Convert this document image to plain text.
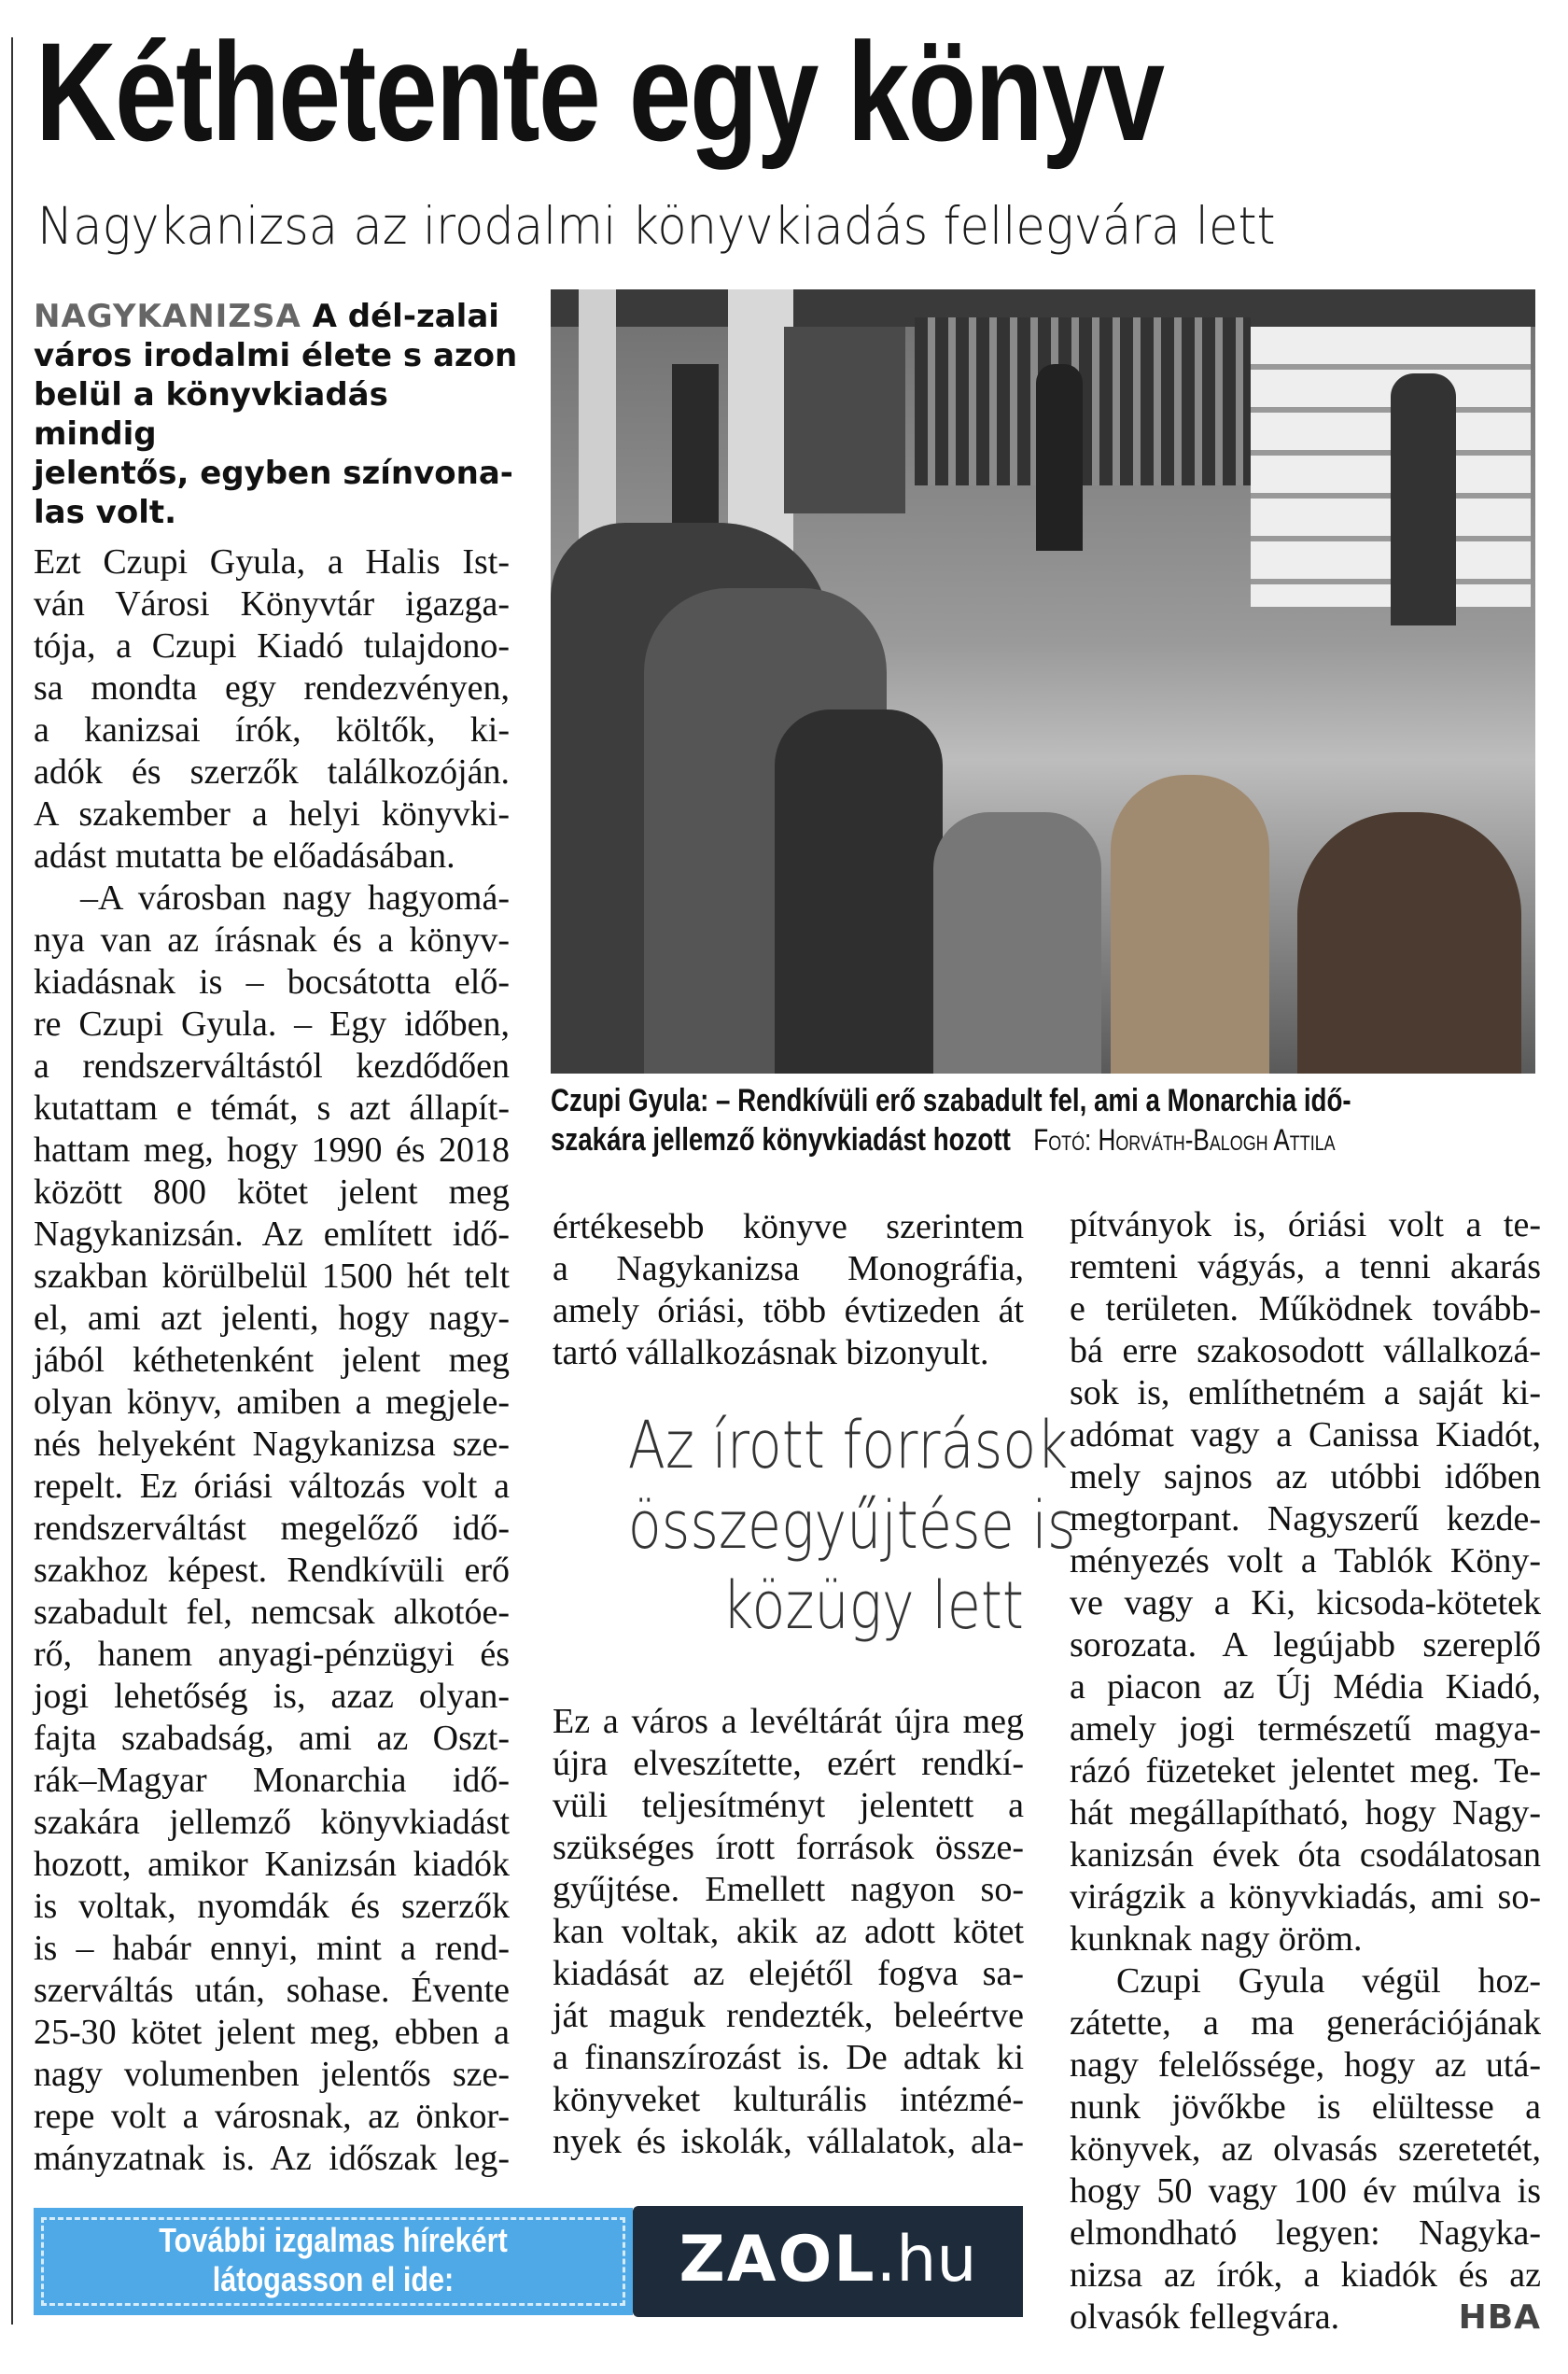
Kéthetente egy könyv
Nagykanizsa az irodalmi könyvkiadás fellegvára lett
NAGYKANIZSA A dél-zalai
város irodalmi élete s azon
belül a könyvkiadás mindig
jelentős, egyben színvona-
las volt.
Czupi Gyula: – Rendkívüli erő szabadult fel, ami a Monarchia idő-
szakára jellemző könyvkiadást hozott Fotó: Horváth-Balogh Attila
Ezt Czupi Gyula, a Halis Ist-
ván Városi Könyvtár igazga-
tója, a Czupi Kiadó tulajdono-
sa mondta egy rendezvényen,
a kanizsai írók, költők, ki-
adók és szerzők találkozóján.
A szakember a helyi könyvki-
adást mutatta be előadásában.
–A városban nagy hagyomá-
nya van az írásnak és a könyv-
kiadásnak is – bocsátotta elő-
re Czupi Gyula. – Egy időben,
a rendszerváltástól kezdődően
kutattam e témát, s azt állapít-
hattam meg, hogy 1990 és 2018
között 800 kötet jelent meg
Nagykanizsán. Az említett idő-
szakban körülbelül 1500 hét telt
el, ami azt jelenti, hogy nagy-
jából kéthetenként jelent meg
olyan könyv, amiben a megjele-
nés helyeként Nagykanizsa sze-
repelt. Ez óriási változás volt a
rendszerváltást megelőző idő-
szakhoz képest. Rendkívüli erő
szabadult fel, nemcsak alkotóe-
rő, hanem anyagi-pénzügyi és
jogi lehetőség is, azaz olyan-
fajta szabadság, ami az Oszt-
rák–Magyar Monarchia idő-
szakára jellemző könyvkiadást
hozott, amikor Kanizsán kiadók
is voltak, nyomdák és szerzők
is – habár ennyi, mint a rend-
szerváltás után, sohase. Évente
25-30 kötet jelent meg, ebben a
nagy volumenben jelentős sze-
repe volt a városnak, az önkor-
mányzatnak is. Az időszak leg-
értékesebb könyve szerintem
a Nagykanizsa Monográfia,
amely óriási, több évtizeden át
tartó vállalkozásnak bizonyult.
Az írott források
összegyűjtése is
közügy lett
Ez a város a levéltárát újra meg
újra elveszítette, ezért rendkí-
vüli teljesítményt jelentett a
szükséges írott források össze-
gyűjtése. Emellett nagyon so-
kan voltak, akik az adott kötet
kiadását az elejétől fogva sa-
ját maguk rendezték, beleértve
a finanszírozást is. De adtak ki
könyveket kulturális intézmé-
nyek és iskolák, vállalatok, ala-
pítványok is, óriási volt a te-
remteni vágyás, a tenni akarás
e területen. Működnek tovább-
bá erre szakosodott vállalkozá-
sok is, említhetném a saját ki-
adómat vagy a Canissa Kiadót,
mely sajnos az utóbbi időben
megtorpant. Nagyszerű kezde-
ményezés volt a Tablók Köny-
ve vagy a Ki, kicsoda-kötetek
sorozata. A legújabb szereplő
a piacon az Új Média Kiadó,
amely jogi természetű magya-
rázó füzeteket jelentet meg. Te-
hát megállapítható, hogy Nagy-
kanizsán évek óta csodálatosan
virágzik a könyvkiadás, ami so-
kunknak nagy öröm.
Czupi Gyula végül hoz-
zátette, a ma generációjának
nagy felelőssége, hogy az utá-
nunk jövőkbe is elültesse a
könyvek, az olvasás szeretetét,
hogy 50 vagy 100 év múlva is
elmondható legyen: Nagyka-
nizsa az írók, a kiadók és az
olvasók fellegvára.	HBA
További izgalmas hírekért
látogasson el ide:	ZAOL.hu
